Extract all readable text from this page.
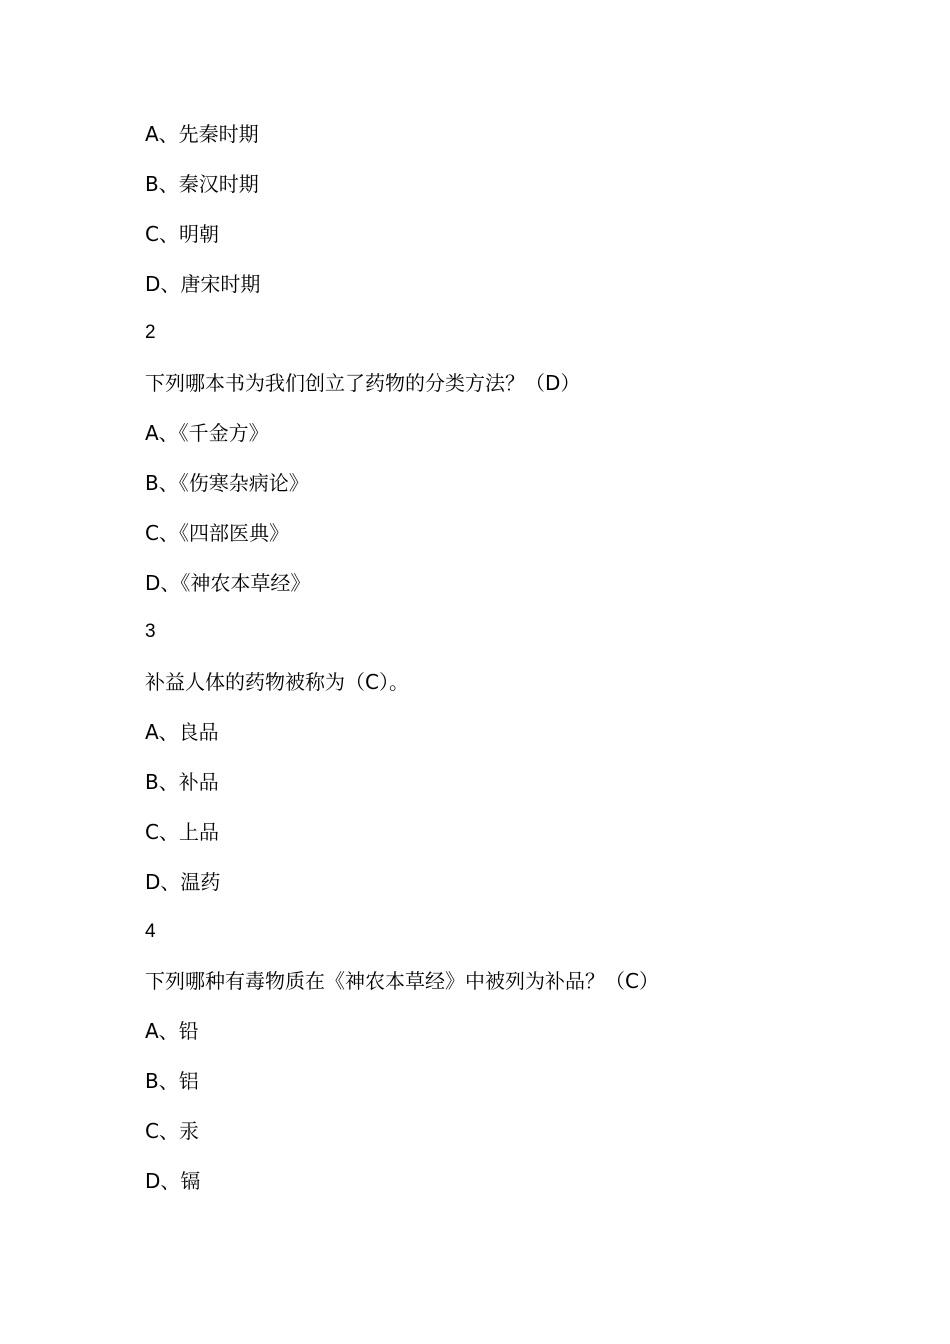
A、先秦时期
B、秦汉时期
C、明朝
D、唐宋时期
2
下列哪本书为我们创立了药物的分类方法？（D）
A、《千金方》
B、《伤寒杂病论》
C、《四部医典》
D、《神农本草经》
3
补益人体的药物被称为（C）。
A、良品
B、补品
C、上品
D、温药
4
下列哪种有毒物质在《神农本草经》中被列为补品？（C）
A、铅
B、铝
C、汞
D、镉
